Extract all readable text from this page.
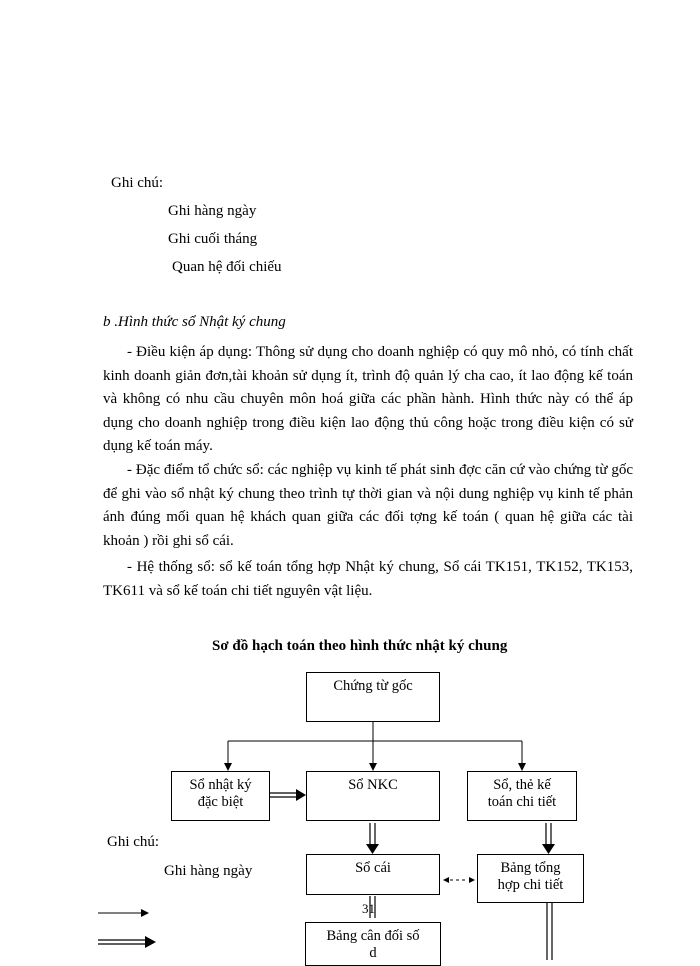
Ghi chú:
Ghi hàng ngày
Ghi cuối tháng
Quan hệ đối chiếu
b .Hình thức sổ Nhật ký chung
- Điều kiện áp dụng: Thông sử dụng cho doanh nghiệp có quy mô nhỏ, có tính chất kinh doanh giản đơn,tài khoản sử dụng ít, trình độ quản lý cha cao, ít lao động kế toán và không có nhu cầu chuyên môn hoá giữa các phần hành. Hình thức này có thể áp dụng cho doanh nghiệp trong điều kiện lao động thủ công hoặc trong điều kiện có sử dụng kế toán máy.
- Đặc điểm tổ chức sổ: các nghiệp vụ kinh tế phát sinh đợc căn cứ vào chứng từ gốc để ghi vào sổ nhật ký chung theo trình tự thời gian và nội dung nghiệp vụ kinh tế phản ánh đúng mối quan hệ khách quan giữa các đối tợng kế toán ( quan hệ giữa các tài khoản ) rồi ghi sổ cái.
- Hệ thống sổ: sổ kế toán tổng hợp Nhật ký chung, Sổ cái TK151, TK152, TK153, TK611 và sổ kế toán chi tiết nguyên vật liệu.
Sơ đồ hạch toán theo hình thức nhật ký chung
Chứng từ gốc
Sổ nhật ký
đặc biệt
Sổ NKC	Sổ, thẻ kế
toán chi tiết
Sổ cái	Bảng tổng
hợp chi tiết
Bảng cân đối số
d
31
Ghi chú:
Ghi hàng ngày
